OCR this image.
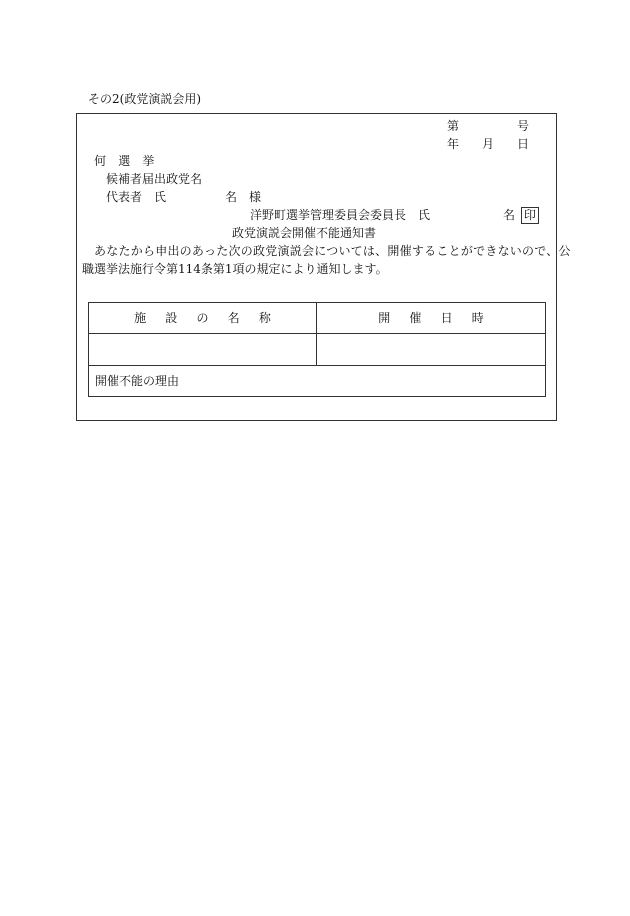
その2(政党演説会用)
第	号
年 月 日
何 選 挙
候補者届出政党名
代表者　氏	名　様
洋野町選挙管理委員会委員長　氏	名 印
政党演説会開催不能通知書
あなたから申出のあった次の政党演説会については、開催することができないので、公
職選挙法施行令第114条第1項の規定により通知します。
施設の名称	開催日時

開催不能の理由	
